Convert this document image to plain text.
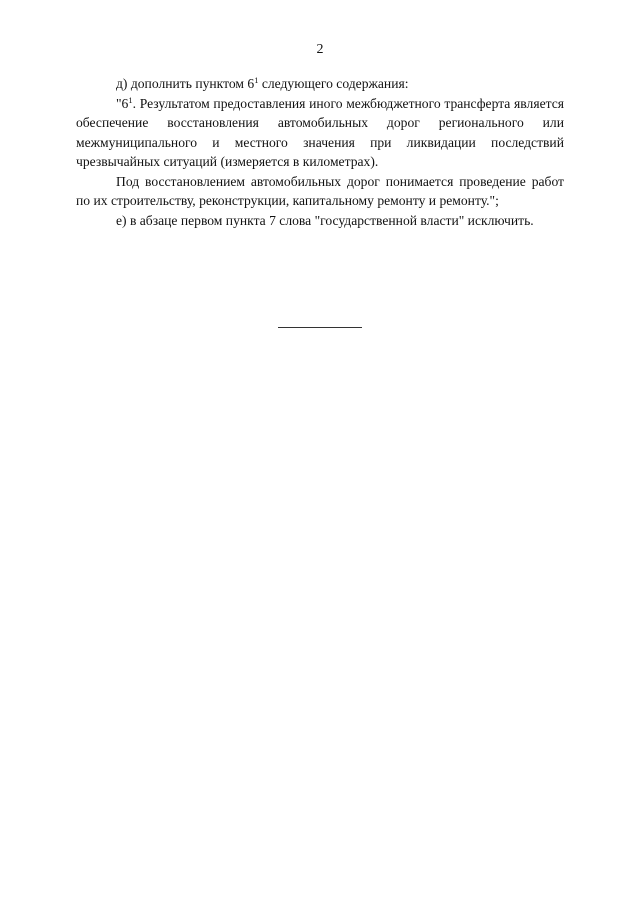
2

д) дополнить пунктом $6^1$ следующего содержания:

"$6^1$. Результатом предоставления иного межбюджетного трансферта является обеспечение восстановления автомобильных дорог регионального или межмуниципального и местного значения при ликвидации последствий чрезвычайных ситуаций (измеряется в километрах).

Под восстановлением автомобильных дорог понимается проведение работ по их строительству, реконструкции, капитальному ремонту и ремонту.";

е) в абзаце первом пункта 7 слова "государственной власти" исключить.
